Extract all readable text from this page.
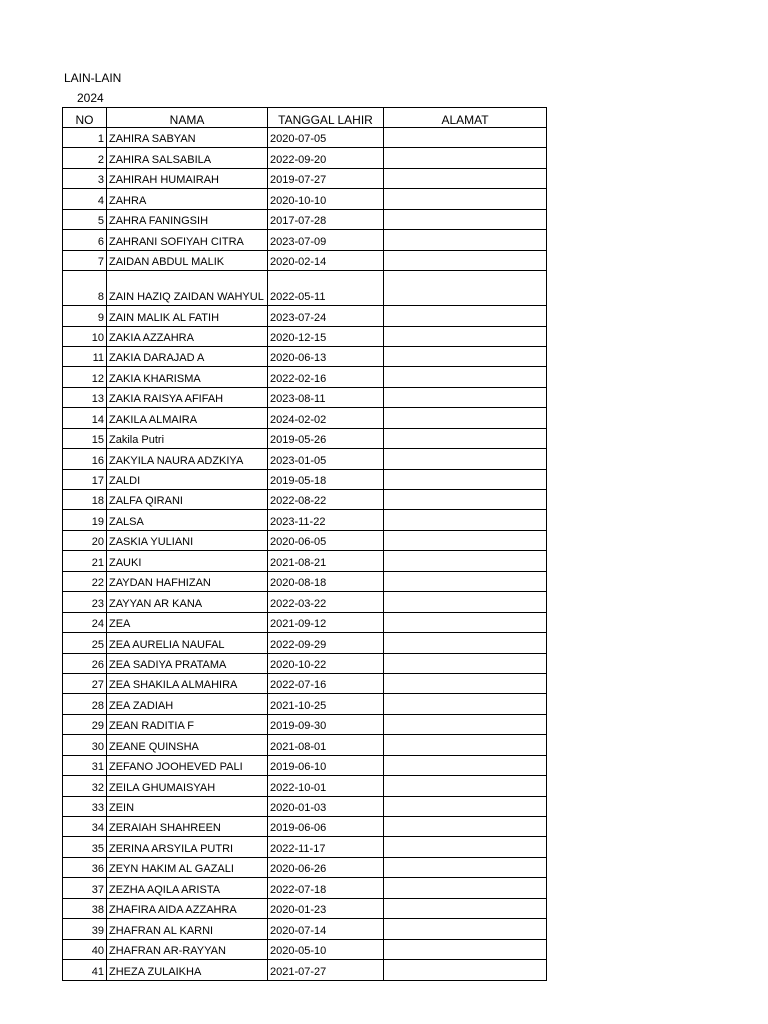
LAIN-LAIN
2024
NO	NAMA	TANGGAL LAHIR	ALAMAT
1	ZAHIRA SABYAN	2020-07-05	
2	ZAHIRA SALSABILA	2022-09-20	
3	ZAHIRAH HUMAIRAH	2019-07-27	
4	ZAHRA	2020-10-10	
5	ZAHRA FANINGSIH	2017-07-28	
6	ZAHRANI SOFIYAH CITRA	2023-07-09	
7	ZAIDAN ABDUL MALIK	2020-02-14	
8	ZAIN HAZIQ ZAIDAN WAHYUL	2022-05-11	
9	ZAIN MALIK AL FATIH	2023-07-24	
10	ZAKIA AZZAHRA	2020-12-15	
11	ZAKIA DARAJAD A	2020-06-13	
12	ZAKIA KHARISMA	2022-02-16	
13	ZAKIA RAISYA AFIFAH	2023-08-11	
14	ZAKILA ALMAIRA	2024-02-02	
15	Zakila Putri	2019-05-26	
16	ZAKYILA NAURA ADZKIYA	2023-01-05	
17	ZALDI	2019-05-18	
18	ZALFA QIRANI	2022-08-22	
19	ZALSA	2023-11-22	
20	ZASKIA YULIANI	2020-06-05	
21	ZAUKI	2021-08-21	
22	ZAYDAN HAFHIZAN	2020-08-18	
23	ZAYYAN AR KANA	2022-03-22	
24	ZEA	2021-09-12	
25	ZEA AURELIA NAUFAL	2022-09-29	
26	ZEA SADIYA PRATAMA	2020-10-22	
27	ZEA SHAKILA ALMAHIRA	2022-07-16	
28	ZEA ZADIAH	2021-10-25	
29	ZEAN RADITIA F	2019-09-30	
30	ZEANE QUINSHA	2021-08-01	
31	ZEFANO JOOHEVED PALI	2019-06-10	
32	ZEILA GHUMAISYAH	2022-10-01	
33	ZEIN	2020-01-03	
34	ZERAIAH SHAHREEN	2019-06-06	
35	ZERINA ARSYILA PUTRI	2022-11-17	
36	ZEYN HAKIM AL GAZALI	2020-06-26	
37	ZEZHA AQILA ARISTA	2022-07-18	
38	ZHAFIRA AIDA AZZAHRA	2020-01-23	
39	ZHAFRAN AL KARNI	2020-07-14	
40	ZHAFRAN AR-RAYYAN	2020-05-10	
41	ZHEZA ZULAIKHA	2021-07-27	
